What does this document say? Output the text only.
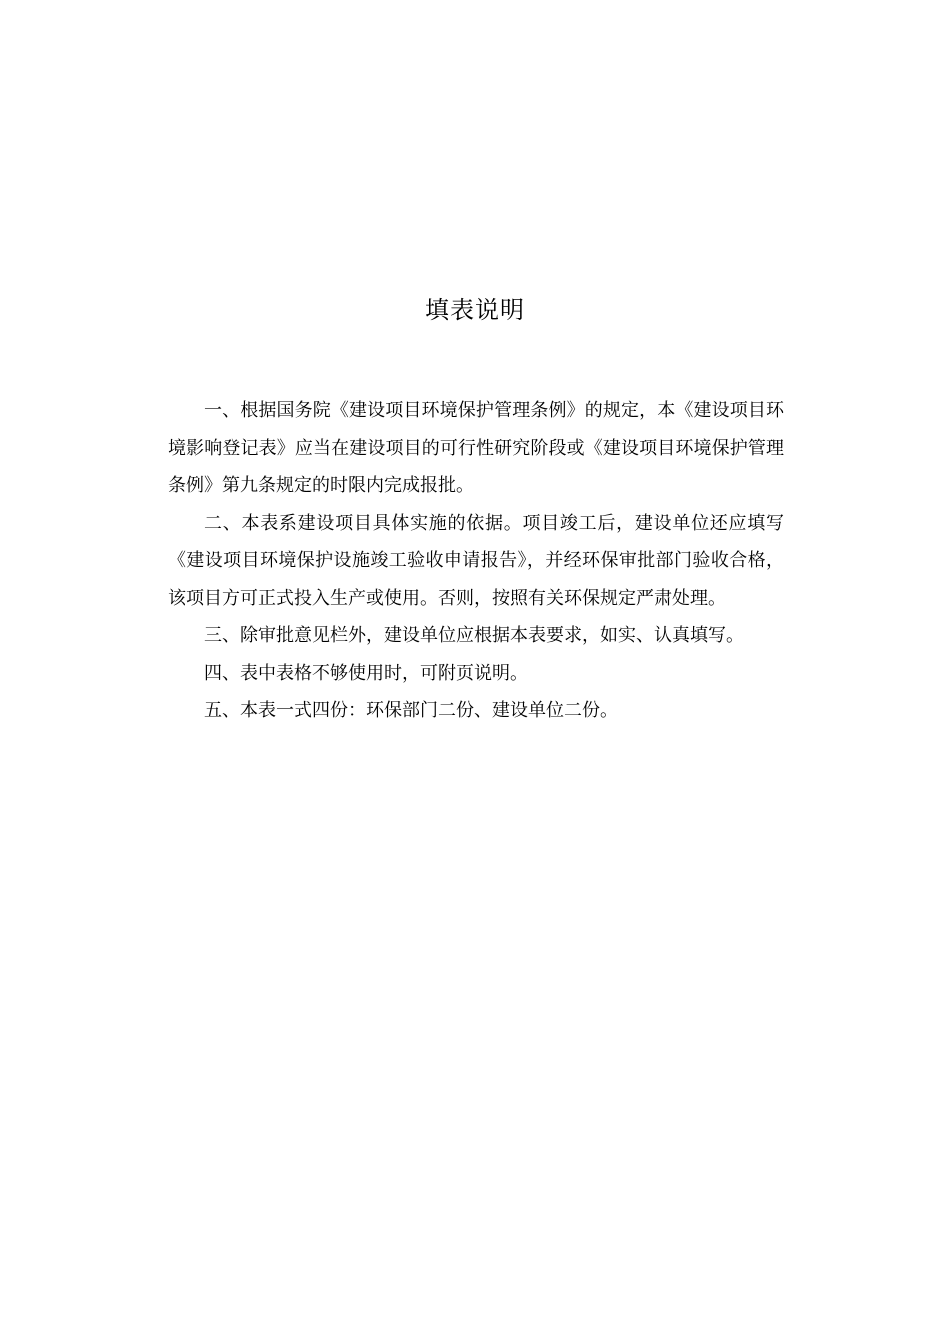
填表说明

一、根据国务院《建设项目环境保护管理条例》的规定，本《建设项目环境影响登记表》应当在建设项目的可行性研究阶段或《建设项目环境保护管理条例》第九条规定的时限内完成报批。

二、本表系建设项目具体实施的依据。项目竣工后，建设单位还应填写《建设项目环境保护设施竣工验收申请报告》，并经环保审批部门验收合格，该项目方可正式投入生产或使用。否则，按照有关环保规定严肃处理。

三、除审批意见栏外，建设单位应根据本表要求，如实、认真填写。

四、表中表格不够使用时，可附页说明。

五、本表一式四份：环保部门二份、建设单位二份。
